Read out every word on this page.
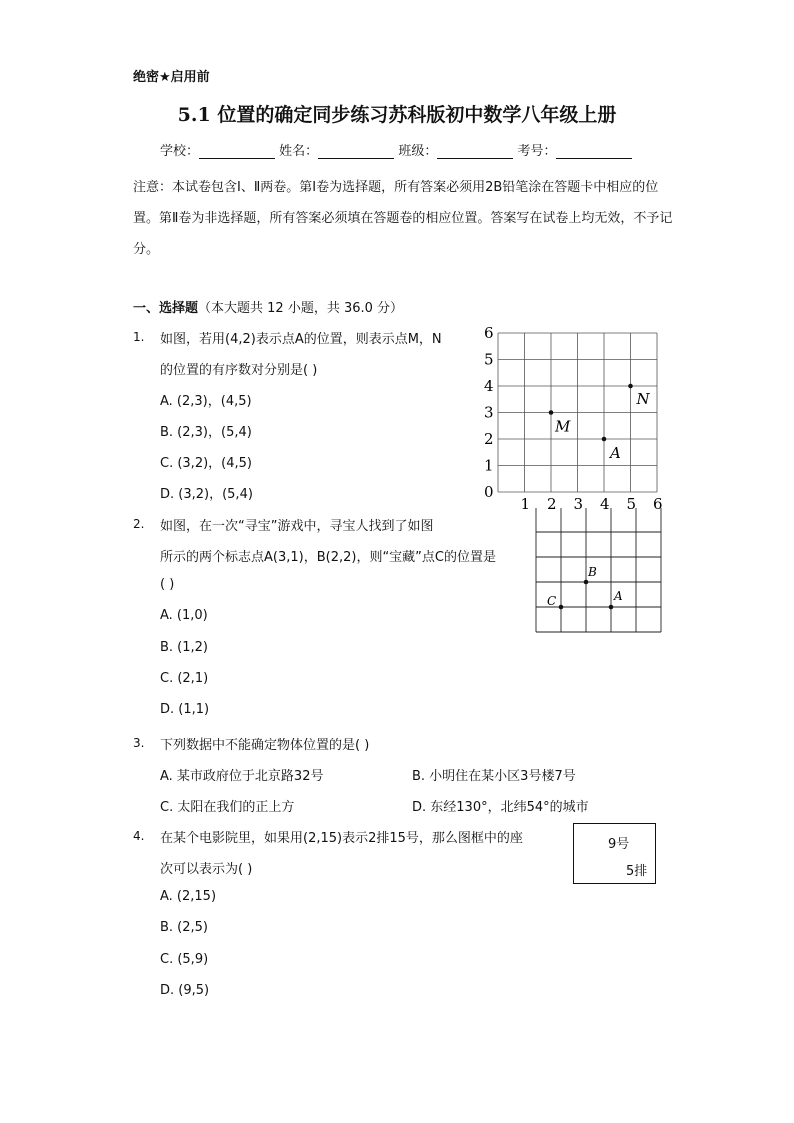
绝密★启用前
5.1 位置的确定同步练习苏科版初中数学八年级上册
学校：	姓名：	班级：	考号：
注意：本试卷包含Ⅰ、Ⅱ两卷。第Ⅰ卷为选择题，所有答案必须用2B铅笔涂在答题卡中相应的位置。第Ⅱ卷为非选择题，所有答案必须填在答题卷的相应位置。答案写在试卷上均无效，不予记分。
一、选择题（本大题共 12 小题，共 36.0 分）
1. 如图，若用(4,2)表示点A的位置，则表示点M，N
的位置的有序数对分别是( )
A. (2,3)，(4,5)
B. (2,3)，(5,4)
C. (3,2)，(4,5)
D. (3,2)，(5,4)	0
1 2 3 4 5 6
1
2
3
4
5
6
M
A
N
2. 如图，在一次“寻宝”游戏中，寻宝人找到了如图
所示的两个标志点A(3,1)，B(2,2)，则“宝藏”点C的位置是
( )
A. (1,0)
B. (1,2)
C. (2,1)
D. (1,1)
B
A
C
3. 下列数据中不能确定物体位置的是( )
A. 某市政府位于北京路32号	B. 小明住在某小区3号楼7号
C. 太阳在我们的正上方	D. 东经130°，北纬54°的城市
4. 在某个电影院里，如果用(2,15)表示2排15号，那么图框中的座
次可以表示为( )
A. (2,15)
B. (2,5)
C. (5,9)
D. (9,5)
9号
5排
